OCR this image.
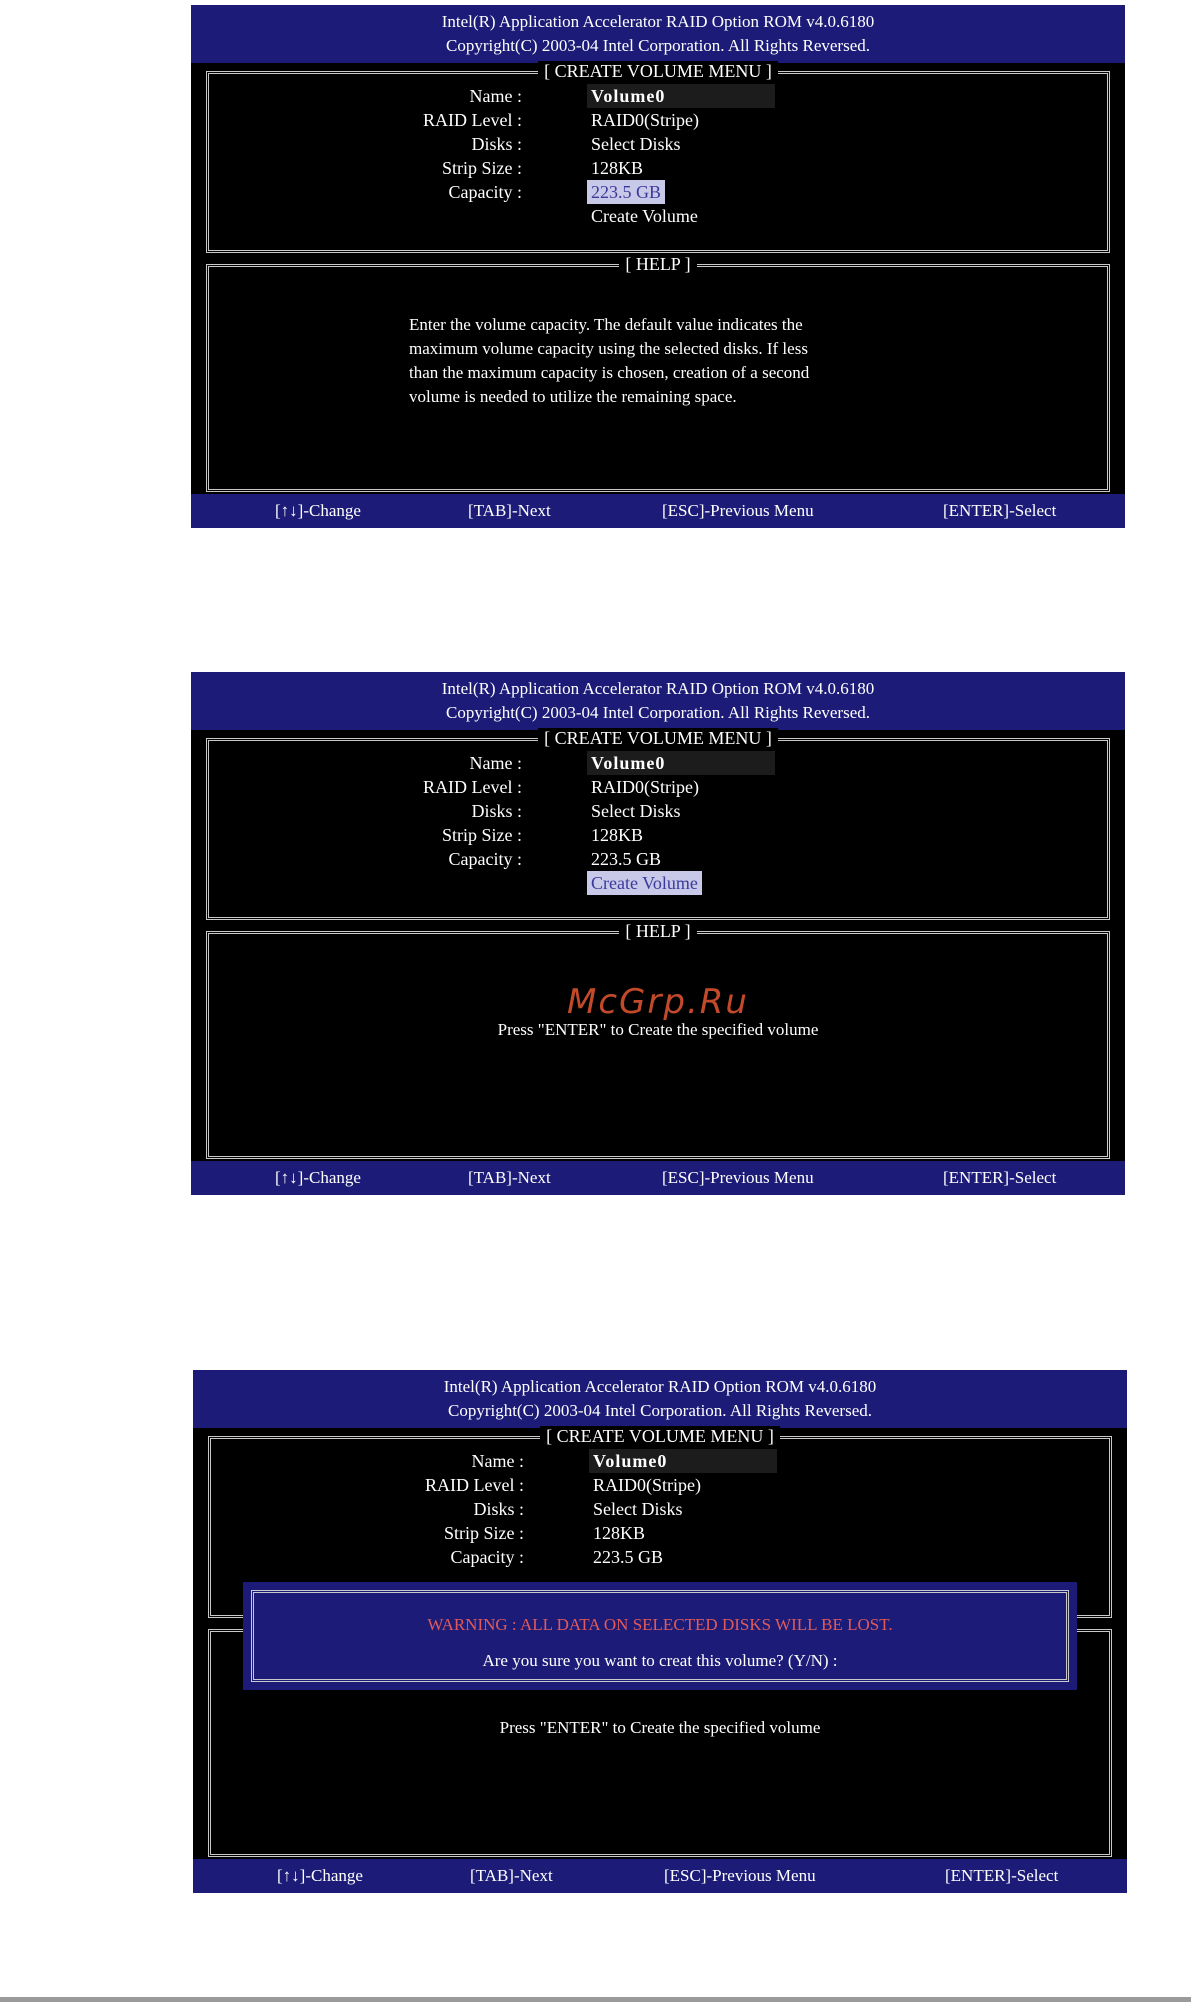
Intel(R) Application Accelerator RAID Option ROM v4.0.6180
Copyright(C) 2003-04 Intel Corporation. All Rights Reversed.
[ CREATE VOLUME MENU ]
Name :	Volume0
RAID Level :	RAID0(Stripe)
Disks :	Select Disks
Strip Size :	128KB
Capacity :	223.5 GB
Create Volume
[ HELP ]
Enter the volume capacity. The default value indicates the
maximum volume capacity using the selected disks. If less
than the maximum capacity is chosen, creation of a second
volume is needed to utilize the remaining space.
[↑↓]-Change	[TAB]-Next	[ESC]-Previous Menu	[ENTER]-Select
Intel(R) Application Accelerator RAID Option ROM v4.0.6180
Copyright(C) 2003-04 Intel Corporation. All Rights Reversed.
[ CREATE VOLUME MENU ]
Name :	Volume0
RAID Level :	RAID0(Stripe)
Disks :	Select Disks
Strip Size :	128KB
Capacity :	223.5 GB
Create Volume
[ HELP ]
Press "ENTER" to Create the specified volume
McGrp.Ru
[↑↓]-Change	[TAB]-Next	[ESC]-Previous Menu	[ENTER]-Select
Intel(R) Application Accelerator RAID Option ROM v4.0.6180
Copyright(C) 2003-04 Intel Corporation. All Rights Reversed.
[ CREATE VOLUME MENU ]
Name :	Volume0
RAID Level :	RAID0(Stripe)
Disks :	Select Disks
Strip Size :	128KB
Capacity :	223.5 GB
Press "ENTER" to Create the specified volume
WARNING : ALL DATA ON SELECTED DISKS WILL BE LOST.
Are you sure you want to creat this volume? (Y/N) :
[↑↓]-Change	[TAB]-Next	[ESC]-Previous Menu	[ENTER]-Select
